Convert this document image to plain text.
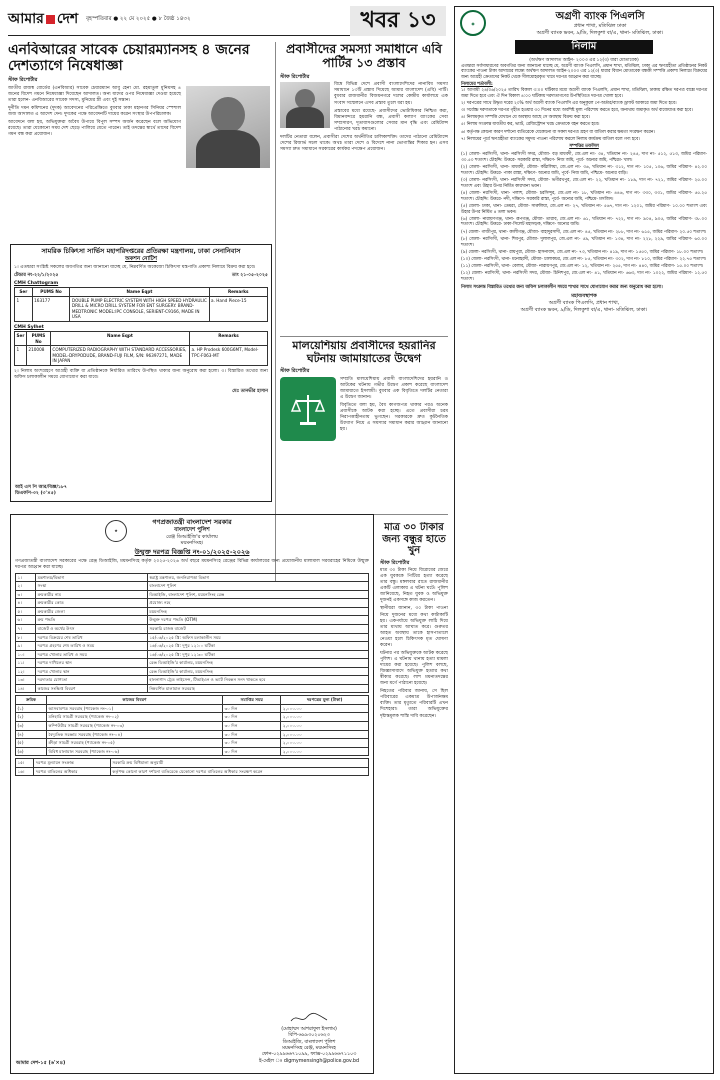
আমার দেশ বৃহস্পতিবার ● ২২ মে ২০২৫ ● ৮ জৈষ্ঠ ১৪৩২	খবর ১৩
এনবিআরের সাবেক চেয়ারম্যানসহ ৪ জনের দেশত্যাগে নিষেধাজ্ঞা
স্টাফ রিপোর্টার

জাতীয় রাজস্ব বোর্ডের (এনবিআর) সাবেক চেয়ারম্যান আবু হেনা মো. রহমাতুল মুনিমসহ ৪ জনের বিদেশ গমনে নিষেধাজ্ঞা দিয়েছেন আদালত। অন্য যাদের ওপর নিষেধাজ্ঞা দেওয়া হয়েছে তারা হলেন- এনবিআরের সাবেক সদস্য, মুনিমের স্ত্রী এবং দুই সন্তান।

দুর্নীতি দমন কমিশনের (দুদক) আবেদনের পরিপ্রেক্ষিতে বুধবার ঢাকা মহানগর সিনিয়র স্পেশাল জজ আদালত এ আদেশ দেন। দুদকের পক্ষে আবেদনটি দায়ের করেন সংস্থার উপপরিচালক।

আবেদনে বলা হয়, অভিযুক্তরা অবৈধ উপায়ে বিপুল সম্পদ অর্জন করেছেন বলে অভিযোগ রয়েছে। তারা যেকোনো সময় দেশ ছেড়ে পালিয়ে যেতে পারেন। তাই তদন্তের স্বার্থে তাদের বিদেশ গমন বন্ধ করা প্রয়োজন।

প্রবাসীদের সমস্যা সমাধানে এবি পার্টির ১৩ প্রস্তাব
স্টাফ রিপোর্টার

বিশ্বে বিভিন্ন দেশে প্রবাসী বাংলাদেশিদের নানাবিধ সমস্যা সমাধানে ১৩টি প্রস্তাব দিয়েছে আমার বাংলাদেশ (এবি) পার্টি। বুধবার রাজধানীর বিজয়নগরে দলের কেন্দ্রীয় কার্যালয়ে এক সংবাদ সম্মেলনে এসব প্রস্তাব তুলে ধরা হয়।

প্রস্তাবের মধ্যে রয়েছে- প্রবাসীদের ভোটাধিকার নিশ্চিত করা, বিমানবন্দরে হয়রানি বন্ধ, প্রবাসী কল্যাণ ব্যাংকের সেবা সম্প্রসারণ, দূতাবাসগুলোর সেবার মান বৃদ্ধি এবং রেমিট্যান্স পাঠানোর খরচ কমানো।

দলটির নেতারা বলেন, প্রবাসীরা দেশের অর্থনীতির চালিকাশক্তি। তাদের পাঠানো রেমিট্যান্সে দেশের রিজার্ভ সচল থাকে। অথচ তারা দেশে ও বিদেশে নানা ভোগান্তির শিকার হন। এসব সমস্যা দ্রুত সমাধানে সরকারের কার্যকর পদক্ষেপ প্রয়োজন।

মালয়েশিয়ায় প্রবাসীদের হয়রানির ঘটনায় জামায়াতের উদ্বেগ
স্টাফ রিপোর্টার

সম্প্রতি মালয়েশিয়ায় প্রবাসী বাংলাদেশিদের হয়রানি ও আটকের ঘটনায় গভীর উদ্বেগ প্রকাশ করেছে বাংলাদেশ জামায়াতে ইসলামী। বুধবার এক বিবৃতিতে দলটির নেতারা এ উদ্বেগ জানান।

বিবৃতিতে বলা হয়, বৈধ কাগজপত্র থাকার পরও অনেক প্রবাসীকে আটক করা হচ্ছে। এতে প্রবাসীরা চরম নিরাপত্তাহীনতায় ভুগছেন। সরকারকে দ্রুত কূটনৈতিক উদ্যোগ নিয়ে এ সমস্যার সমাধান করার আহ্বান জানানো হয়।

সামরিক চিকিৎসা সার্ভিস মহাপরিদপ্তরের প্রতিরক্ষা মন্ত্রণালয়, ঢাকা সেনানিবাস
অকশন নোটিশ

১। এতদ্বারা সংশ্লিষ্ট সকলের অবগতির জন্য জানানো যাচ্ছে যে, নিম্নবর্ণিত অকেজো চিকিৎসা যন্ত্রপাতি প্রকাশ্য নিলামে বিক্রয় করা হবে।

টেন্ডার নং-২২/১/২০২৫	তাং ২১-০৫-২০২৫
CMH Chattogram
Ser	PUMS No	Name Eqpt	Remarks
1	163177	DOUBLE PUMP ELECTRIC SYSTEM WITH HIGH SPEED HYDRAULIC DRILL & MICRO DRILL SYSTEM FOR ENT SURGERY. BRAND- MEDTRONIC MODEL:IPC CONSOLE, SERIENT-C9166, MADE IN USA	a. Hand Piece-15
CMH Sylhet
Ser	PUMS No	Name Eqpt	Remarks
1	210008	COMPUTERIZED RADIOGRAPHY WITH STANDARD ACCESSORIES, MODEL-DRYPODUDE, BRAND-FUJI FILM, S/N: 96397271, MADE IN JAPAN	a. HP Prodesk 600G6MT, Model-TPC-F063-MT

২। নিলাম অংশগ্রহণে আগ্রহী ব্যক্তি বা প্রতিষ্ঠানকে নির্ধারিত তারিখে উপস্থিত থাকার জন্য অনুরোধ করা হলো। ৩। বিস্তারিত তথ্যের জন্য অফিস চলাকালীন সময়ে যোগাযোগ করা যাবে।

মেঃ তানভীর হাসান
আই এস পি আর/বিজ্ঞ/১৮৭
ডিএফপি-৩২ (৩'×৫)
মাত্র ৩০ টাকার জন্য বন্ধুর হাতে খুন
স্টাফ রিপোর্টার

মাত্র ৩০ টাকা নিয়ে বিরোধের জেরে এক যুবককে পিটিয়ে হত্যা করেছে তার বন্ধু। মঙ্গলবার রাতে রাজধানীর একটি এলাকায় এ ঘটনা ঘটে। পুলিশ জানিয়েছে, নিহত যুবক ও অভিযুক্ত দুজনই একসঙ্গে কাজ করতেন।

স্থানীয়রা জানান, ৩০ টাকা পাওনা নিয়ে দুজনের মধ্যে কথা কাটাকাটি হয়। একপর্যায়ে অভিযুক্ত লাঠি দিয়ে তার মাথায় আঘাত করে। গুরুতর আহত অবস্থায় তাকে হাসপাতালে নেওয়া হলে চিকিৎসক মৃত ঘোষণা করেন।

ঘটনার পর অভিযুক্তকে আটক করেছে পুলিশ। এ ঘটনায় থানায় হত্যা মামলা দায়ের করা হয়েছে। পুলিশ বলছে, জিজ্ঞাসাবাদে অভিযুক্ত হত্যার কথা স্বীকার করেছে। লাশ ময়নাতদন্তের জন্য মর্গে পাঠানো হয়েছে।

নিহতের পরিবার জানায়, সে ছিল পরিবারের একমাত্র উপার্জনক্ষম ব্যক্তি। তার মৃত্যুতে পরিবারটি এখন দিশেহারা। তারা অভিযুক্তের দৃষ্টান্তমূলক শাস্তি দাবি করেছেন।

★
গণপ্রজাতন্ত্রী বাংলাদেশ সরকার
বাংলাদেশ পুলিশ
রেঞ্জ ডিআইজি'র কার্যালয়
ময়মনসিংহ।
উন্মুক্ত দরপত্র বিজ্ঞপ্তি নং-০১/২০২৫-২০২৬

গণপ্রজাতন্ত্রী বাংলাদেশ সরকারের পক্ষে রেঞ্জ ডিআইজি, ময়মনসিংহ কর্তৃক ২০২৫-২০২৬ অর্থ বছরে ময়মনসিংহ রেঞ্জের বিভিন্ন কার্যালয়ের জন্য প্রয়োজনীয় মালামাল সরবরাহের নিমিত্তে উন্মুক্ত দরপত্র আহ্বান করা যাচ্ছে।

১।	মন্ত্রণালয়/বিভাগ	স্বরাষ্ট্র মন্ত্রণালয়, জননিরাপত্তা বিভাগ
২।	সংস্থা	বাংলাদেশ পুলিশ
৩।	ক্রয়কারীর নাম	ডিআইজি, বাংলাদেশ পুলিশ, ময়মনসিংহ রেঞ্জ
৪।	ক্রয়কারীর কোড	প্রযোজ্য নহে
৫।	ক্রয়কারীর জেলা	ময়মনসিংহ
৬।	ক্রয় পদ্ধতি	উন্মুক্ত দরপত্র পদ্ধতি (OTM)
৭।	বাজেট ও অর্থের উৎস	সরকারি রাজস্ব বাজেট
৮।	দরপত্র বিক্রয়ের শেষ তারিখ	১৫/০৬/২০২৫ খ্রি: অফিস চলাকালীন সময়
৯।	দরপত্র গ্রহণের শেষ তারিখ ও সময়	১৬/০৬/২০২৫ খ্রি: দুপুর ১২:০০ ঘটিকা
১০।	দরপত্র খোলার তারিখ ও সময়	১৬/০৬/২০২৫ খ্রি: দুপুর ১২:৩০ ঘটিকা
১১।	দরপত্র দাখিলের স্থান	রেঞ্জ ডিআইজি'র কার্যালয়, ময়মনসিংহ
১২।	দরপত্র খোলার স্থান	রেঞ্জ ডিআইজি'র কার্যালয়, ময়মনসিংহ
১৩।	দরদাতার যোগ্যতা	হালনাগাদ ট্রেড লাইসেন্স, টিআইএন ও ভ্যাট নিবন্ধন সনদ থাকতে হবে
১৪।	কাজের সংক্ষিপ্ত বিবরণ	নিম্নবর্ণিত মালামাল সরবরাহ
ক্রমিক	কাজের বিবরণ	সমাপ্তির সময়	দরপত্রের মূল্য (টাকা)
(১)	আসবাবপত্র সরবরাহ (প্যাকেজ নং-০১)	৩০ দিন	২,০০০.০০
(২)	মনিহারি সামগ্রী সরবরাহ (প্যাকেজ নং-০২)	৩০ দিন	২,০০০.০০
(৩)	কম্পিউটার সামগ্রী সরবরাহ (প্যাকেজ নং-০৩)	৩০ দিন	২,০০০.০০
(৪)	বৈদ্যুতিক সরঞ্জাম সরবরাহ (প্যাকেজ নং-০৪)	৩০ দিন	২,০০০.০০
(৫)	ক্রীড়া সামগ্রী সরবরাহ (প্যাকেজ নং-০৫)	৩০ দিন	২,০০০.০০
(৬)	বিবিধ মালামাল সরবরাহ (প্যাকেজ নং-০৬)	৩০ দিন	২,০০০.০০
১৫।	দরপত্র মূল্যায়ন সংক্রান্ত	সরকারি ক্রয় বিধিমালা অনুযায়ী
১৬।	দরপত্র বাতিলের অধিকার	কর্তৃপক্ষ কোনো কারণ দর্শানো ব্যতিরেকে যেকোনো দরপত্র বাতিলের অধিকার সংরক্ষণ করেন
(মোহাম্মদ আশরাফুল ইসলাম)
বিপি-৬৯৯৩০২০৬২৩
ডিআইজি, বাংলাদেশ পুলিশ
ময়মনসিংহ রেঞ্জ, ময়মনসিংহ
ফোন-০২৯৯৬৬৭১০৯৯, ফ্যাক্স-০২৯৯৬৬৭১১০৩
ই-মেইল ঃ digmymensingh@police.gov.bd
আমার দেশ-১৫ (৬'×৪)
◉
অগ্রণী ব্যাংক পিএলসি
প্রধান শাখা, মতিঝিল ঢাকা
অগ্রণী ব্যাংক ভবন, ৯/ডি, দিলকুশা বা/এ, থানা- মতিঝিল, ঢাকা।
নিলাম
(অর্থঋণ আদালত আইন- ২০০৩ এর ১২(৩) ধারা মোতাবেক)

এতদ্বারা সর্বসাধারণের অবগতির জন্য জানানো যাচ্ছে যে, অগ্রণী ব্যাংক পিএলসি, প্রধান শাখা, মতিঝিল, ঢাকা এর ঋণগ্রহীতা প্রতিষ্ঠানের নিকট ব্যাংকের পাওনা টাকা আদায়ের লক্ষ্যে অর্থঋণ আদালত আইন-২০০৩ এর ১২(৩) ধারার বিধান মোতাবেক বন্ধকী সম্পত্তি প্রকাশ্য নিলামে বিক্রয়ের জন্য আগ্রহী ক্রেতাদের নিকট থেকে সীলমোহরকৃত খামে দরপত্র আহ্বান করা যাচ্ছে।

নিলামের শর্তাবলী:

১। আগামী ২৪/০৬/২০২৫ তারিখ বিকাল ৩:০০ ঘটিকার মধ্যে অগ্রণী ব্যাংক পিএলসি, প্রধান শাখা, মতিঝিল, ঢাকায় রক্ষিত দরপত্র বাক্সে দরপত্র জমা দিতে হবে এবং ঐ দিন বিকাল ৪:০০ ঘটিকায় দরদাতাগণের উপস্থিতিতে দরপত্র খোলা হবে।

২। দরপত্রের সাথে উদ্ধৃত দরের ২০% অর্থ অগ্রণী ব্যাংক পিএলসি এর অনুকূলে পে-অর্ডার/ব্যাংক ড্রাফট আকারে জমা দিতে হবে।

৩। সর্বোচ্চ দরদাতাকে দরপত্র গৃহীত হওয়ার ৩০ দিনের মধ্যে অবশিষ্ট মূল্য পরিশোধ করতে হবে, অন্যথায় জমাকৃত অর্থ বাজেয়াপ্ত করা হবে।

৪। নিলামকৃত সম্পত্তি যেখানে যে অবস্থায় আছে সে অবস্থায় বিক্রয় করা হবে।

৫। নিলাম সংক্রান্ত যাবতীয় কর, ভ্যাট, রেজিস্ট্রেশন খরচ ক্রেতাকে বহন করতে হবে।

৬। কর্তৃপক্ষ কোনো কারণ দর্শানো ব্যতিরেকে যেকোনো বা সকল দরপত্র গ্রহণ বা বাতিল করার ক্ষমতা সংরক্ষণ করেন।

৭। নিলামের পূর্বে ঋণগ্রহীতা ব্যাংকের সমুদয় পাওনা পরিশোধ করলে নিলাম কার্যক্রম বাতিল বলে গণ্য হবে।

সম্পত্তির তফসিল

(১) জেলা- নরসিংদী, থানা- নরসিংদী সদর, মৌজা- বড় মাধবদী, জে.এল নং- ৩৪, খতিয়ান নং- ২৪৫, দাগ নং- ৫১২, ৫১৩, জমির পরিমাণ- ৩০.৫০ শতাংশ। চৌহদ্দি: উত্তরে- সরকারি রাস্তা, দক্ষিণে- নিজ জমি, পূর্বে- অন্যের জমি, পশ্চিমে- খাল।

(২) জেলা- নরসিংদী, থানা- মাধবদী, মৌজা- কাঁঠালিয়া, জে.এল নং- ৩৬, খতিয়ান নং- ৩১২, দাগ নং- ১০৫, ১০৬, জমির পরিমাণ- ৪২.০০ শতাংশ। চৌহদ্দি: উত্তরে- পাকা রাস্তা, দক্ষিণে- অন্যের জমি, পূর্বে- নিজ জমি, পশ্চিমে- অন্যের বাড়ি।

(৩) জেলা- নরসিংদী, থানা- নরসিংদী সদর, মৌজা- ভগীরথপুর, জে.এল নং- ২২, খতিয়ান নং- ১৮৯, দাগ নং- ৭২১, জমির পরিমাণ- ২৫.০০ শতাংশ এবং উহার উপর নির্মিত কারখানা ভবন।

(৪) জেলা- নরসিংদী, থানা- পলাশ, মৌজা- চরসিন্দুর, জে.এল নং- ১৮, খতিয়ান নং- ৪৪৬, দাগ নং- ৩৩০, ৩৩১, জমির পরিমাণ- ৫৫.২৫ শতাংশ। চৌহদ্দি: উত্তরে- নদী, দক্ষিণে- সরকারি রাস্তা, পূর্বে- অন্যের জমি, পশ্চিমে- মসজিদ।

(৫) জেলা- ঢাকা, থানা- ডেমরা, মৌজা- সারুলিয়া, জে.এল নং- ২৭, খতিয়ান নং- ৫৬৭, দাগ নং- ১২০১, জমির পরিমাণ- ১০.০০ শতাংশ এবং উহার উপর নির্মিত ৪ তলা ভবন।

(৬) জেলা- নারায়ণগঞ্জ, থানা- রূপগঞ্জ, মৌজা- তারাব, জে.এল নং- ৬১, খতিয়ান নং- ৭২২, দাগ নং- ৯০৪, ৯০৫, জমির পরিমাণ- ৩৮.০০ শতাংশ। চৌহদ্দি: উত্তরে- ঢাকা-সিলেট মহাসড়ক, দক্ষিণে- অন্যের জমি।

(৭) জেলা- গাজীপুর, থানা- কালীগঞ্জ, মৌজা- বাহাদুরসাদী, জে.এল নং- ৪৫, খতিয়ান নং- ২৮৮, দাগ নং- ৬১৫, জমির পরিমাণ- ২০.৫০ শতাংশ।

(৮) জেলা- নরসিংদী, থানা- শিবপুর, মৌজা- দুলালপুর, জে.এল নং- ৫৯, খতিয়ান নং- ১৩৪, দাগ নং- ২২৮, ২২৯, জমির পরিমাণ- ৬০.০০ শতাংশ।

(৯) জেলা- নরসিংদী, থানা- রায়পুরা, মৌজা- হাসনাবাদ, জে.এল নং- ৭৩, খতিয়ান নং- ৪১৯, দাগ নং- ১৫৫০, জমির পরিমাণ- ১৮.০০ শতাংশ।

(১০) জেলা- নরসিংদী, থানা- মনোহরদী, মৌজা- চালাকচর, জে.এল নং- ৮৫, খতিয়ান নং- ৩০২, দাগ নং- ৮১০, জমির পরিমাণ- ২২.৭৫ শতাংশ।

(১১) জেলা- নরসিংদী, থানা- বেলাব, মৌজা- নারায়ণপুর, জে.এল নং- ১২, খতিয়ান নং- ২৫৫, দাগ নং- ৪৪০, জমির পরিমাণ- ১৫.০০ শতাংশ।

(১২) জেলা- নরসিংদী, থানা- নরসিংদী সদর, মৌজা- চিনিশপুর, জে.এল নং- ৪১, খতিয়ান নং- ৬৬৩, দাগ নং- ১০২২, জমির পরিমাণ- ১২.৫০ শতাংশ।

নিলাম সংক্রান্ত বিস্তারিত তথ্যের জন্য অফিস চলাকালীন সময়ে শাখার সাথে যোগাযোগ করার জন্য অনুরোধ করা হলো।

মহাব্যবস্থাপক
অগ্রণী ব্যাংক পিএলসি, প্রধান শাখা,
অগ্রণী ব্যাংক ভবন, ৯/ডি, দিলকুশা বা/এ, থানা- মতিঝিল, ঢাকা।
